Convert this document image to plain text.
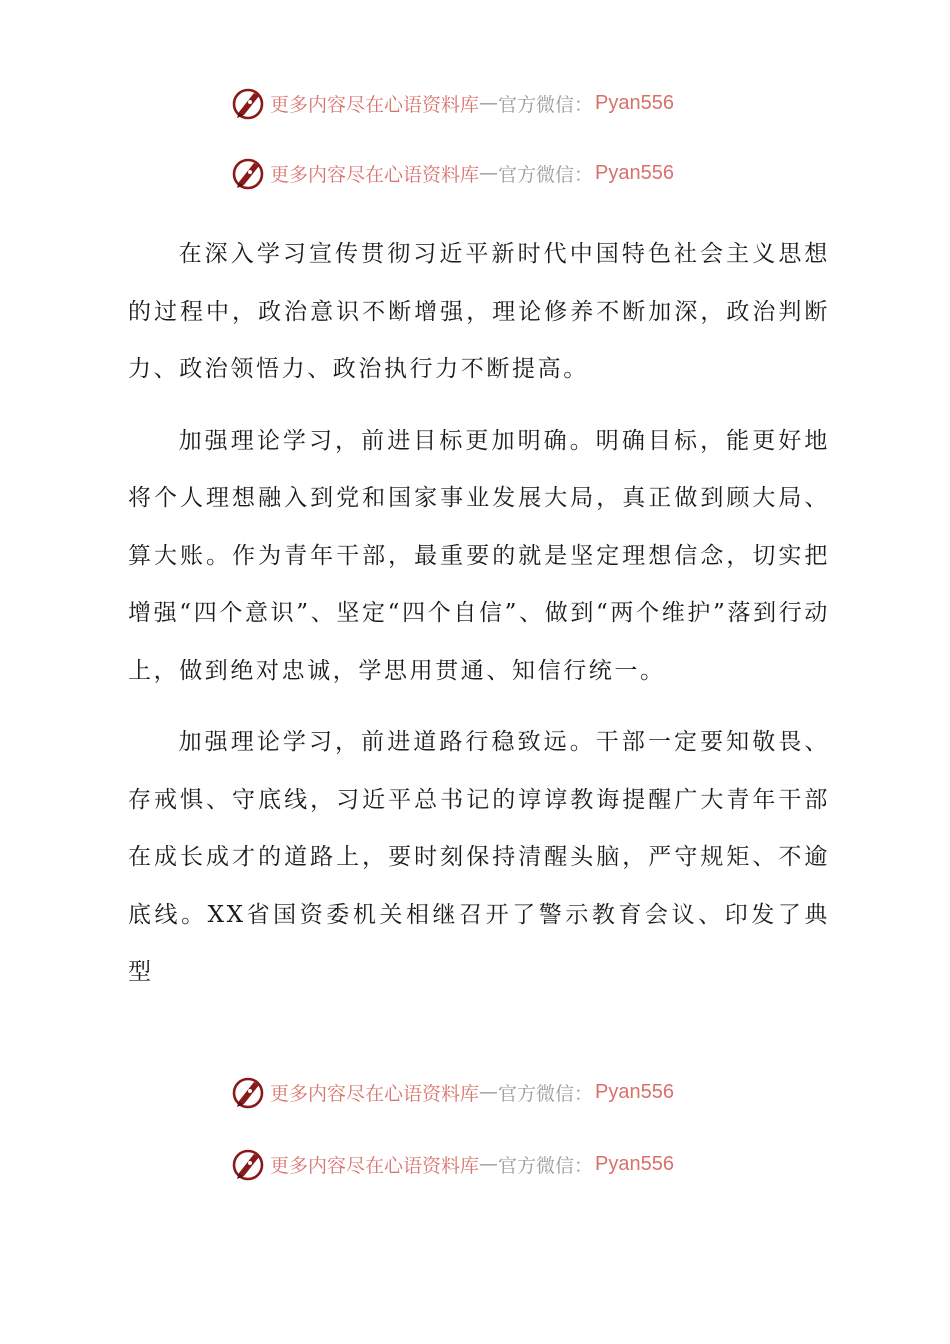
更多内容尽在心语资料库 — 官方微信： Pyan556
更多内容尽在心语资料库 — 官方微信： Pyan556

在深入学习宣传贯彻习近平新时代中国特色社会主义思想的过程中，政治意识不断增强，理论修养不断加深，政治判断力、政治领悟力、政治执行力不断提高。

加强理论学习，前进目标更加明确。明确目标，能更好地将个人理想融入到党和国家事业发展大局，真正做到顾大局、算大账。作为青年干部，最重要的就是坚定理想信念，切实把增强“四个意识”、坚定“四个自信”、做到“两个维护”落到行动上，做到绝对忠诚，学思用贯通、知信行统一。

加强理论学习，前进道路行稳致远。干部一定要知敬畏、存戒惧、守底线，习近平总书记的谆谆教诲提醒广大青年干部在成长成才的道路上，要时刻保持清醒头脑，严守规矩、不逾底线。XX省国资委机关相继召开了警示教育会议、印发了典型

更多内容尽在心语资料库 — 官方微信： Pyan556
更多内容尽在心语资料库 — 官方微信： Pyan556
